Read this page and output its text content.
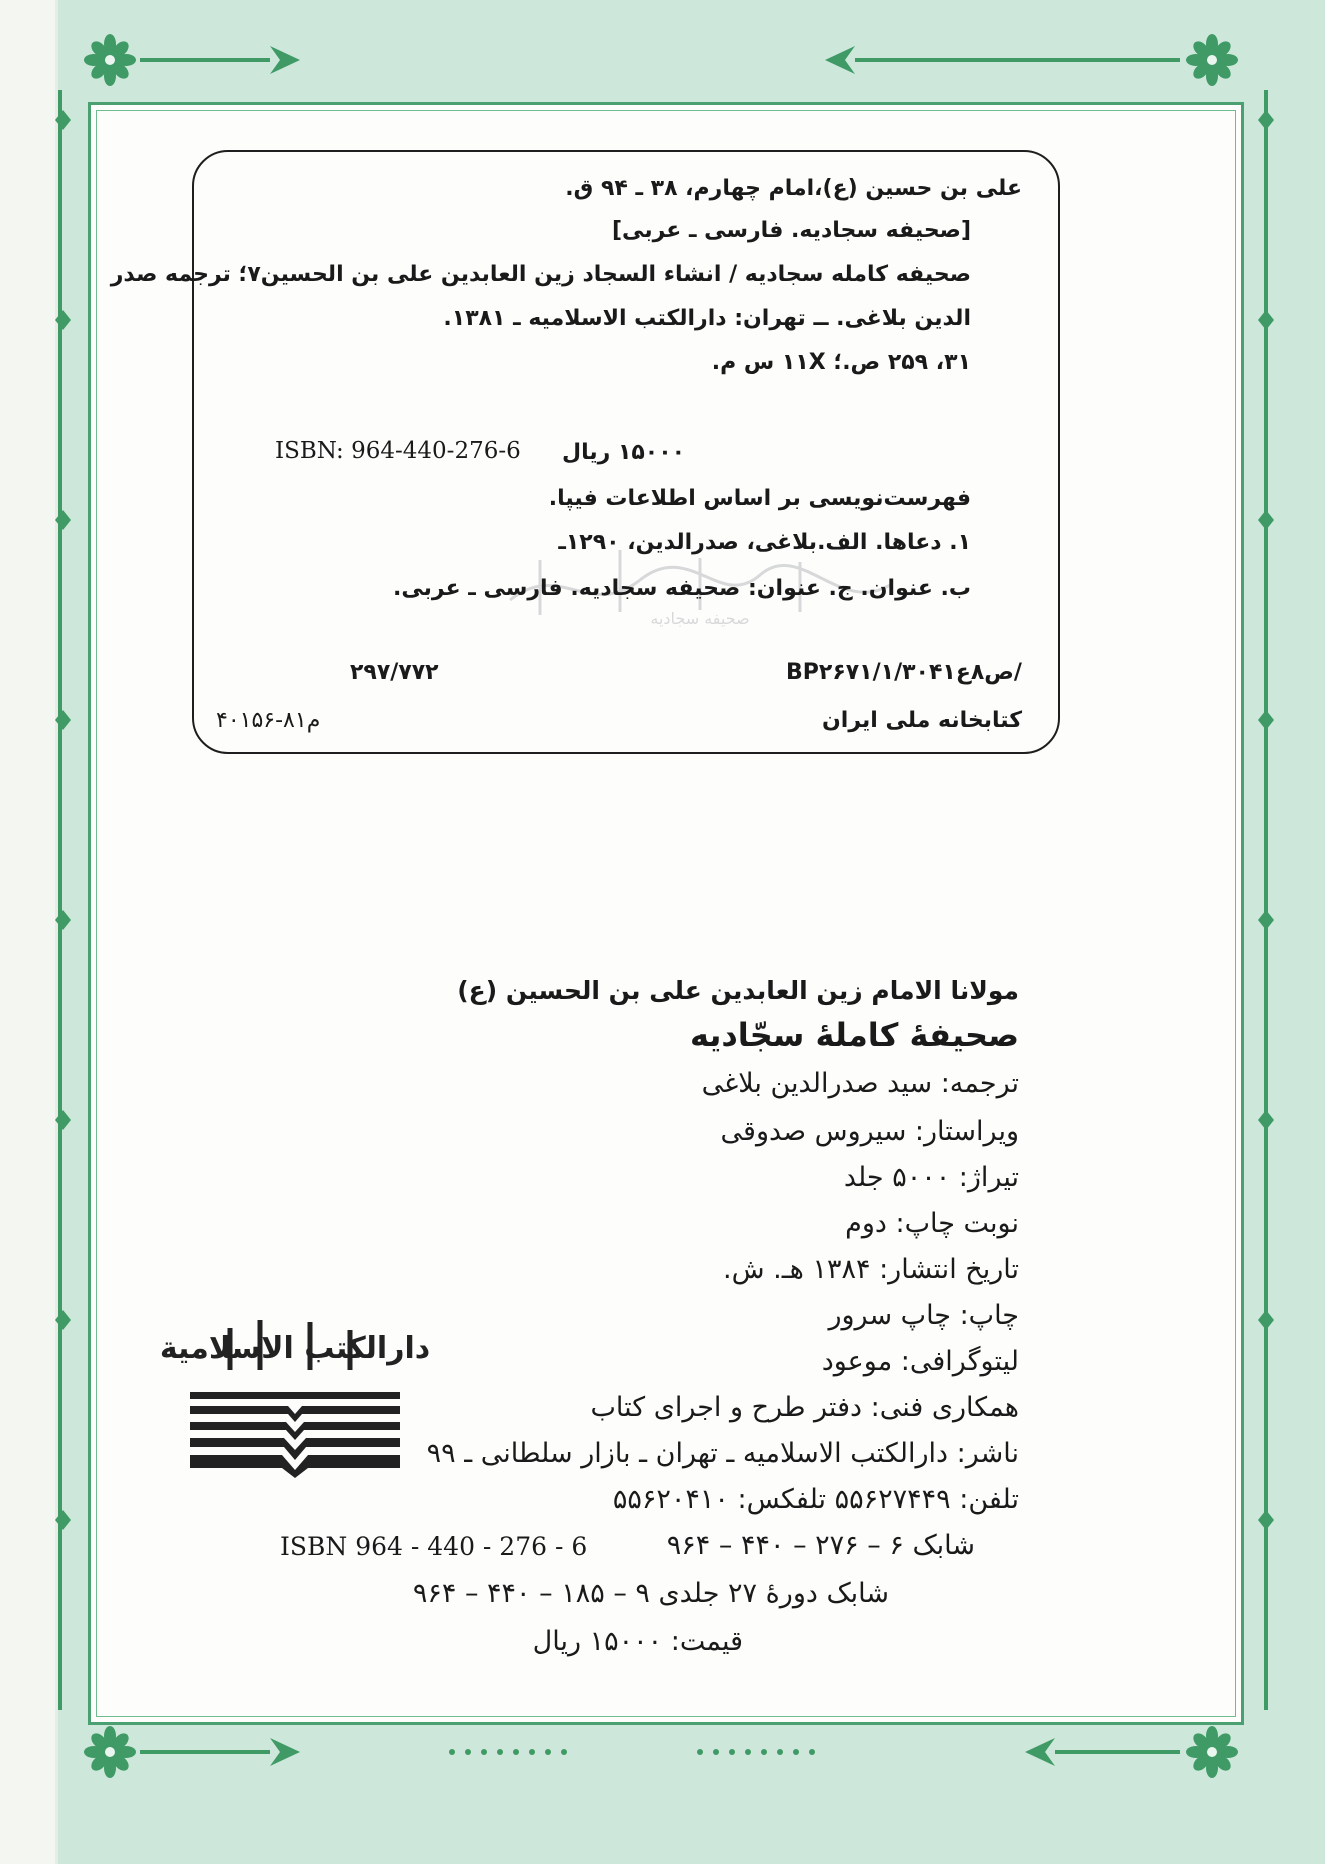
صحیفه سجادیه
علی بن حسین (ع)،امام چهارم، ۳۸ ـ ۹۴ ق.
[صحیفه سجادیه. فارسی ـ عربی]
صحیفه کامله سجادیه / انشاء السجاد زین العابدین علی بن الحسین۷؛ ترجمه صدر
الدین بلاغی. ــ تهران: دارالکتب الاسلامیه ـ ۱۳۸۱.
۳۱، ۲۵۹ ص.؛ ۱۱X س م.
ISBN: 964-440-276-6 ۱۵۰۰۰ ریال
فهرست‌نویسی بر اساس اطلاعات فیپا.
۱. دعاها. الف.بلاغی، صدرالدین، ۱۲۹۰ـ
ب. عنوان. ج. عنوان: صحیفه سجادیه. فارسی ـ عربی.
BP۲۶۷۱/۱/۳۰۴۱ص۸ع/
۲۹۷/۷۷۲
کتابخانه ملی ایران
م۸۱-۴۰۱۵۶
مولانا الامام زین العابدین علی بن الحسین (ع)
صحیفهٔ کاملهٔ سجّادیه
ترجمه: سید صدرالدین بلاغی
ویراستار: سیروس صدوقی
تیراژ: ۵۰۰۰ جلد
نوبت چاپ: دوم
تاریخ انتشار: ۱۳۸۴ هـ. ش.
چاپ: چاپ سرور
لیتوگرافی: موعود
همکاری فنی: دفتر طرح و اجرای کتاب
ناشر: دارالکتب الاسلامیه ـ تهران ـ بازار سلطانی ـ ۹۹
تلفن: ۵۵۶۲۷۴۴۹ تلفکس: ۵۵۶۲۰۴۱۰
ISBN 964 - 440 - 276 - 6	شابک ۶ – ۲۷۶ – ۴۴۰ – ۹۶۴
شابک دورهٔ ۲۷ جلدی ۹ – ۱۸۵ – ۴۴۰ – ۹۶۴
قیمت: ۱۵۰۰۰ ریال
دارالکتب الاسلامیة
